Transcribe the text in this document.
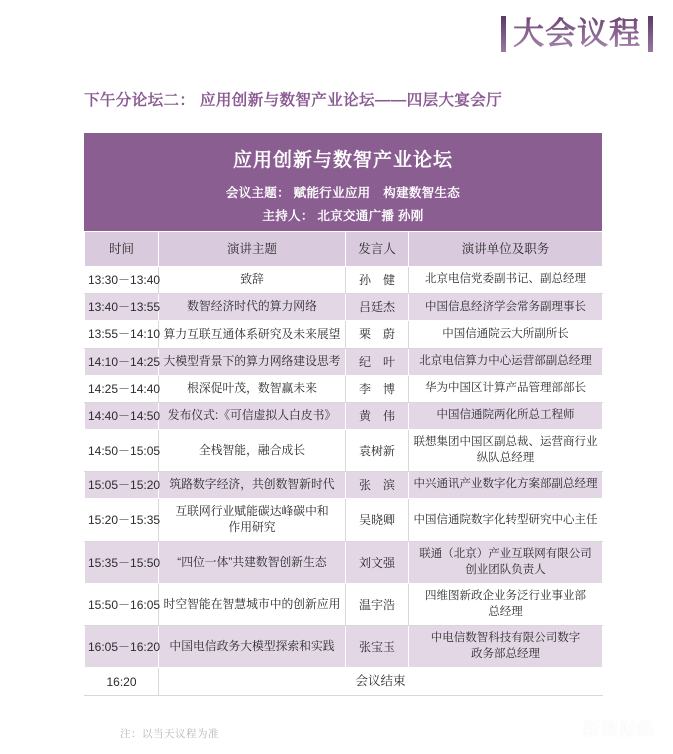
大会议程
下午分论坛二： 应用创新与数智产业论坛——四层大宴会厅
应用创新与数智产业论坛
会议主题： 赋能行业应用　构建数智生态
主持人： 北京交通广播 孙刚
时间	演讲主题	发言人	演讲单位及职务
13:30－13:40	致辞	孙　健	北京电信党委副书记、副总经理
13:40－13:55	数智经济时代的算力网络	吕廷杰	中国信息经济学会常务副理事长
13:55－14:10	算力互联互通体系研究及未来展望	栗　蔚	中国信通院云大所副所长
14:10－14:25	大模型背景下的算力网络建设思考	纪　叶	北京电信算力中心运营部副总经理
14:25－14:40	根深促叶茂，数智赢未来	李　博	华为中国区计算产品管理部部长
14:40－14:50	发布仪式:《可信虚拟人白皮书》	黄　伟	中国信通院两化所总工程师
14:50－15:05	全栈智能，融合成长	袁树新	联想集团中国区副总裁、运营商行业
纵队总经理
15:05－15:20	筑路数字经济，共创数智新时代	张　滨	中兴通讯产业数字化方案部副总经理
15:20－15:35	互联网行业赋能碳达峰碳中和
作用研究	吴晓卿	中国信通院数字化转型研究中心主任
15:35－15:50	“四位一体”共建数智创新生态	刘文强	联通（北京）产业互联网有限公司
创业团队负责人
15:50－16:05	时空智能在智慧城市中的创新应用	温宇浩	四维图新政企业务泛行业事业部
总经理
16:05－16:20	中国电信政务大模型探索和实践	张宝玉	中电信数智科技有限公司数字
政务部总经理
16:20	会议结束		
注：以当天议程为准	新浪财经
